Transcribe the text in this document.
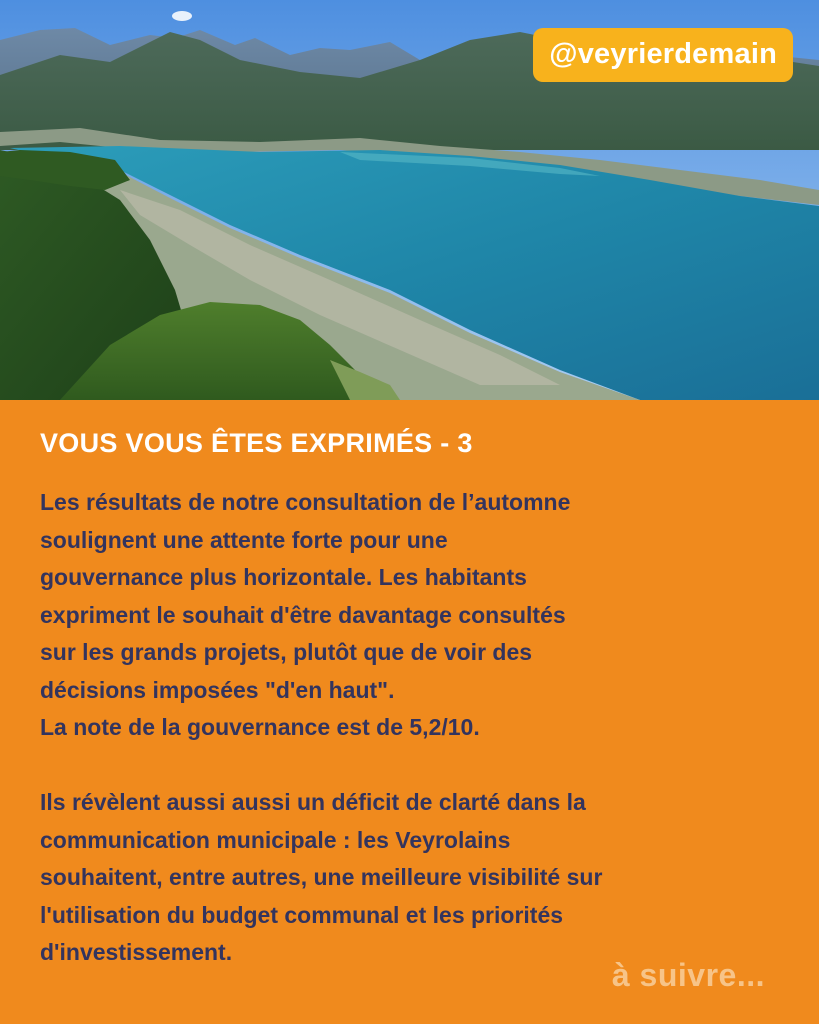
@veyrierdemain
VOUS VOUS ÊTES EXPRIMÉS - 3

Les résultats de notre consultation de l’automne

soulignent une attente forte pour une

gouvernance plus horizontale. Les habitants

expriment le souhait d'être davantage consultés

sur les grands projets, plutôt que de voir des

décisions imposées "d'en haut".

La note de la gouvernance est de 5,2/10.

Ils révèlent aussi aussi un déficit de clarté dans la

communication municipale : les Veyrolains

souhaitent, entre autres, une meilleure visibilité sur

l'utilisation du budget communal et les priorités

d'investissement.

à suivre...
